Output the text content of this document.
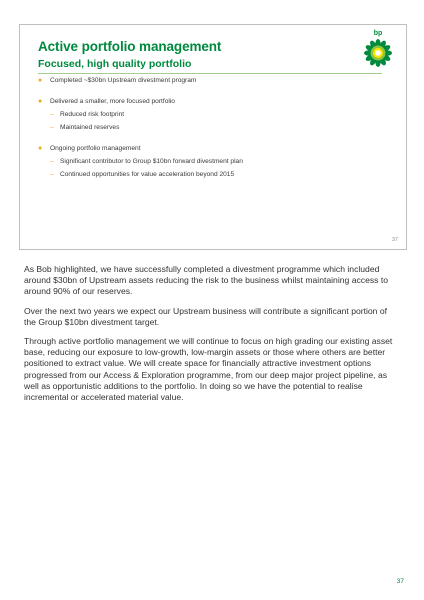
Active portfolio management
Focused, high quality portfolio
bp
●	Completed ~$30bn Upstream divestment program
●	Delivered a smaller, more focused portfolio
– Reduced risk footprint
– Maintained reserves
●	Ongoing portfolio management
– Significant contributor to Group $10bn forward divestment plan
– Continued opportunities for value acceleration beyond 2015
37

As Bob highlighted, we have successfully completed a divestment programme which included around $30bn of Upstream assets reducing the risk to the business whilst maintaining access to around 90% of our reserves.

Over the next two years we expect our Upstream business will contribute a significant portion of the Group $10bn divestment target.

Through active portfolio management we will continue to focus on high grading our existing asset base, reducing our exposure to low-growth, low-margin assets or those where others are better positioned to extract value. We will create space for financially attractive investment options progressed from our Access & Exploration programme, from our deep major project pipeline, as well as opportunistic additions to the portfolio. In doing so we have the potential to realise incremental or accelerated material value.

37
